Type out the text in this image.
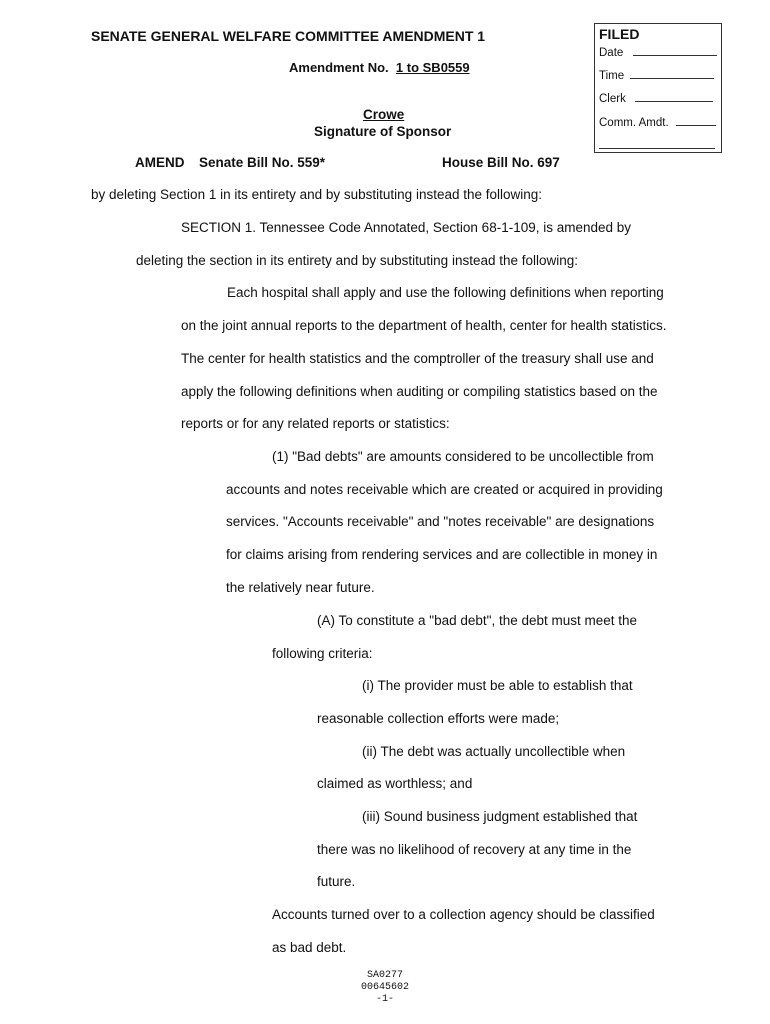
SENATE GENERAL WELFARE COMMITTEE AMENDMENT 1
Amendment No. 1 to SB0559
Crowe
Signature of Sponsor
AMEND Senate Bill No. 559*	House Bill No. 697
FILED
Date
Time
Clerk
Comm. Amdt.
by deleting Section 1 in its entirety and by substituting instead the following:
SECTION 1. Tennessee Code Annotated, Section 68-1-109, is amended by
deleting the section in its entirety and by substituting instead the following:
Each hospital shall apply and use the following definitions when reporting
on the joint annual reports to the department of health, center for health statistics.
The center for health statistics and the comptroller of the treasury shall use and
apply the following definitions when auditing or compiling statistics based on the
reports or for any related reports or statistics:
(1) "Bad debts" are amounts considered to be uncollectible from
accounts and notes receivable which are created or acquired in providing
services. "Accounts receivable" and "notes receivable" are designations
for claims arising from rendering services and are collectible in money in
the relatively near future.
(A) To constitute a "bad debt", the debt must meet the
following criteria:
(i) The provider must be able to establish that
reasonable collection efforts were made;
(ii) The debt was actually uncollectible when
claimed as worthless; and
(iii) Sound business judgment established that
there was no likelihood of recovery at any time in the
future.
Accounts turned over to a collection agency should be classified
as bad debt.
SA0277
00645602
-1-
